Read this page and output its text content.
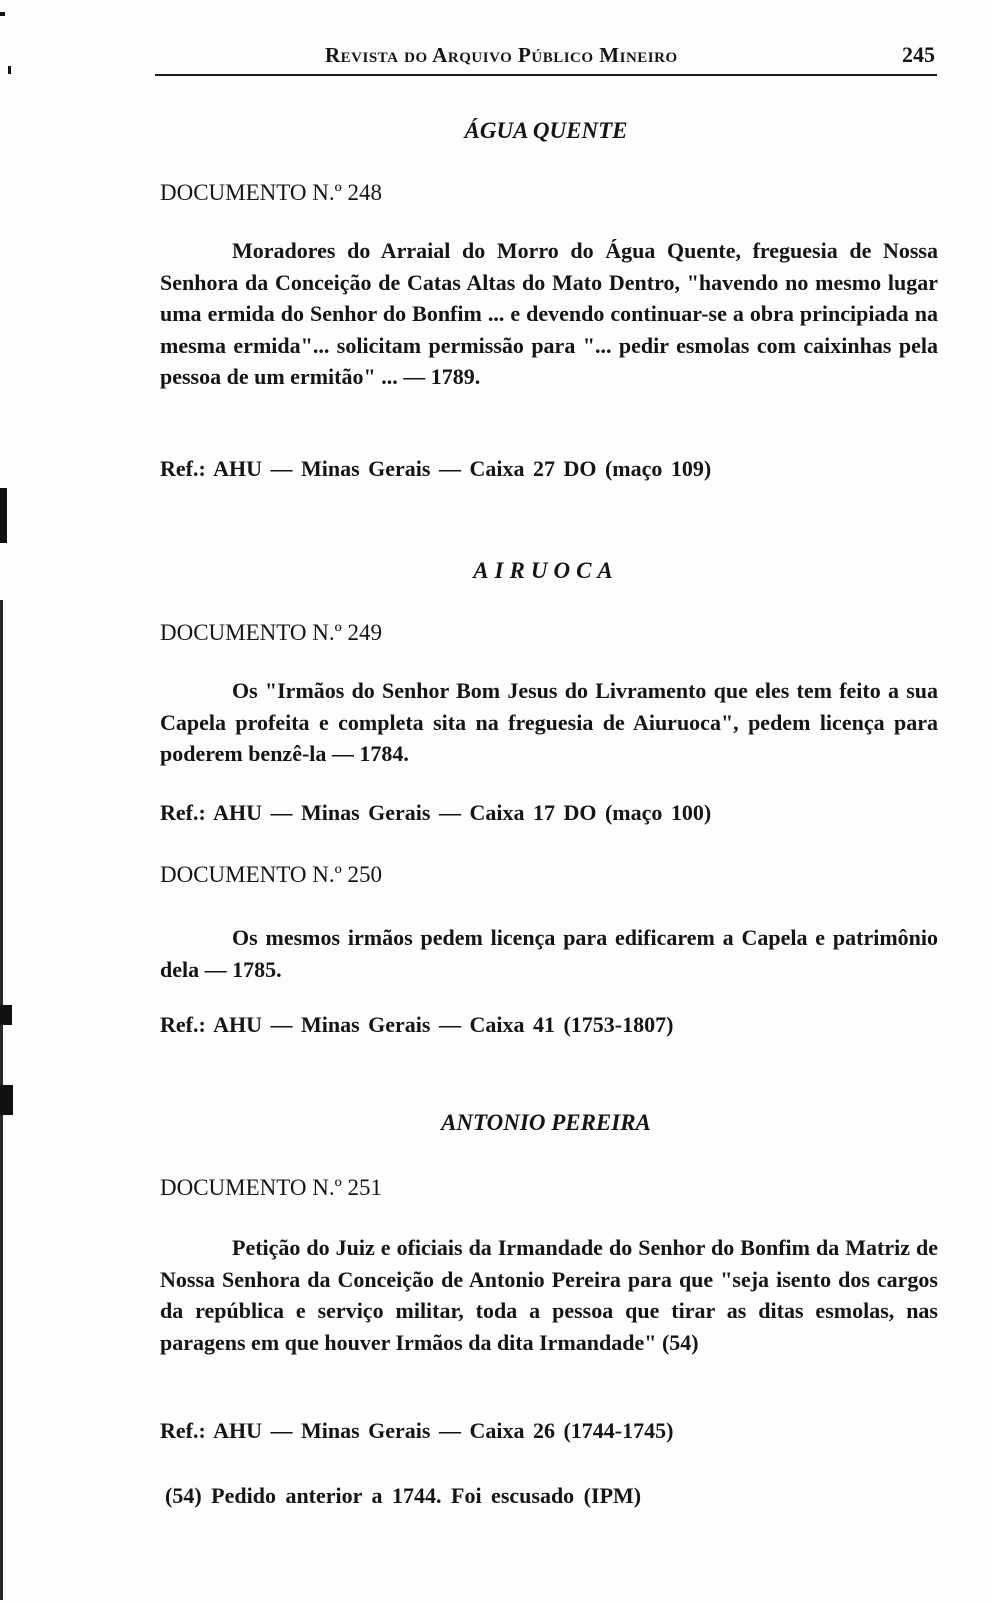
Revista do Arquivo Público Mineiro	245
ÁGUA QUENTE
DOCUMENTO N.º 248
Moradores do Arraial do Morro do Água Quente, freguesia de Nossa Senhora da Conceição de Catas Altas do Mato Dentro, "havendo no mesmo lugar uma ermida do Senhor do Bonfim ... e devendo continuar-se a obra principiada na mesma ermida"... solicitam permissão para "... pedir esmolas com caixinhas pela pessoa de um ermitão" ... — 1789.
Ref.: AHU — Minas Gerais — Caixa 27 DO (maço 109)
AIRUOCA
DOCUMENTO N.º 249
Os "Irmãos do Senhor Bom Jesus do Livramento que eles tem feito a sua Capela profeita e completa sita na freguesia de Aiuruoca", pedem licença para poderem benzê-la — 1784.
Ref.: AHU — Minas Gerais — Caixa 17 DO (maço 100)
DOCUMENTO N.º 250
Os mesmos irmãos pedem licença para edificarem a Capela e patrimônio dela — 1785.
Ref.: AHU — Minas Gerais — Caixa 41 (1753-1807)
ANTONIO PEREIRA
DOCUMENTO N.º 251
Petição do Juiz e oficiais da Irmandade do Senhor do Bonfim da Matriz de Nossa Senhora da Conceição de Antonio Pereira para que "seja isento dos cargos da república e serviço militar, toda a pessoa que tirar as ditas esmolas, nas paragens em que houver Irmãos da dita Irmandade" (54)
Ref.: AHU — Minas Gerais — Caixa 26 (1744-1745)
(54) Pedido anterior a 1744. Foi escusado (IPM)
